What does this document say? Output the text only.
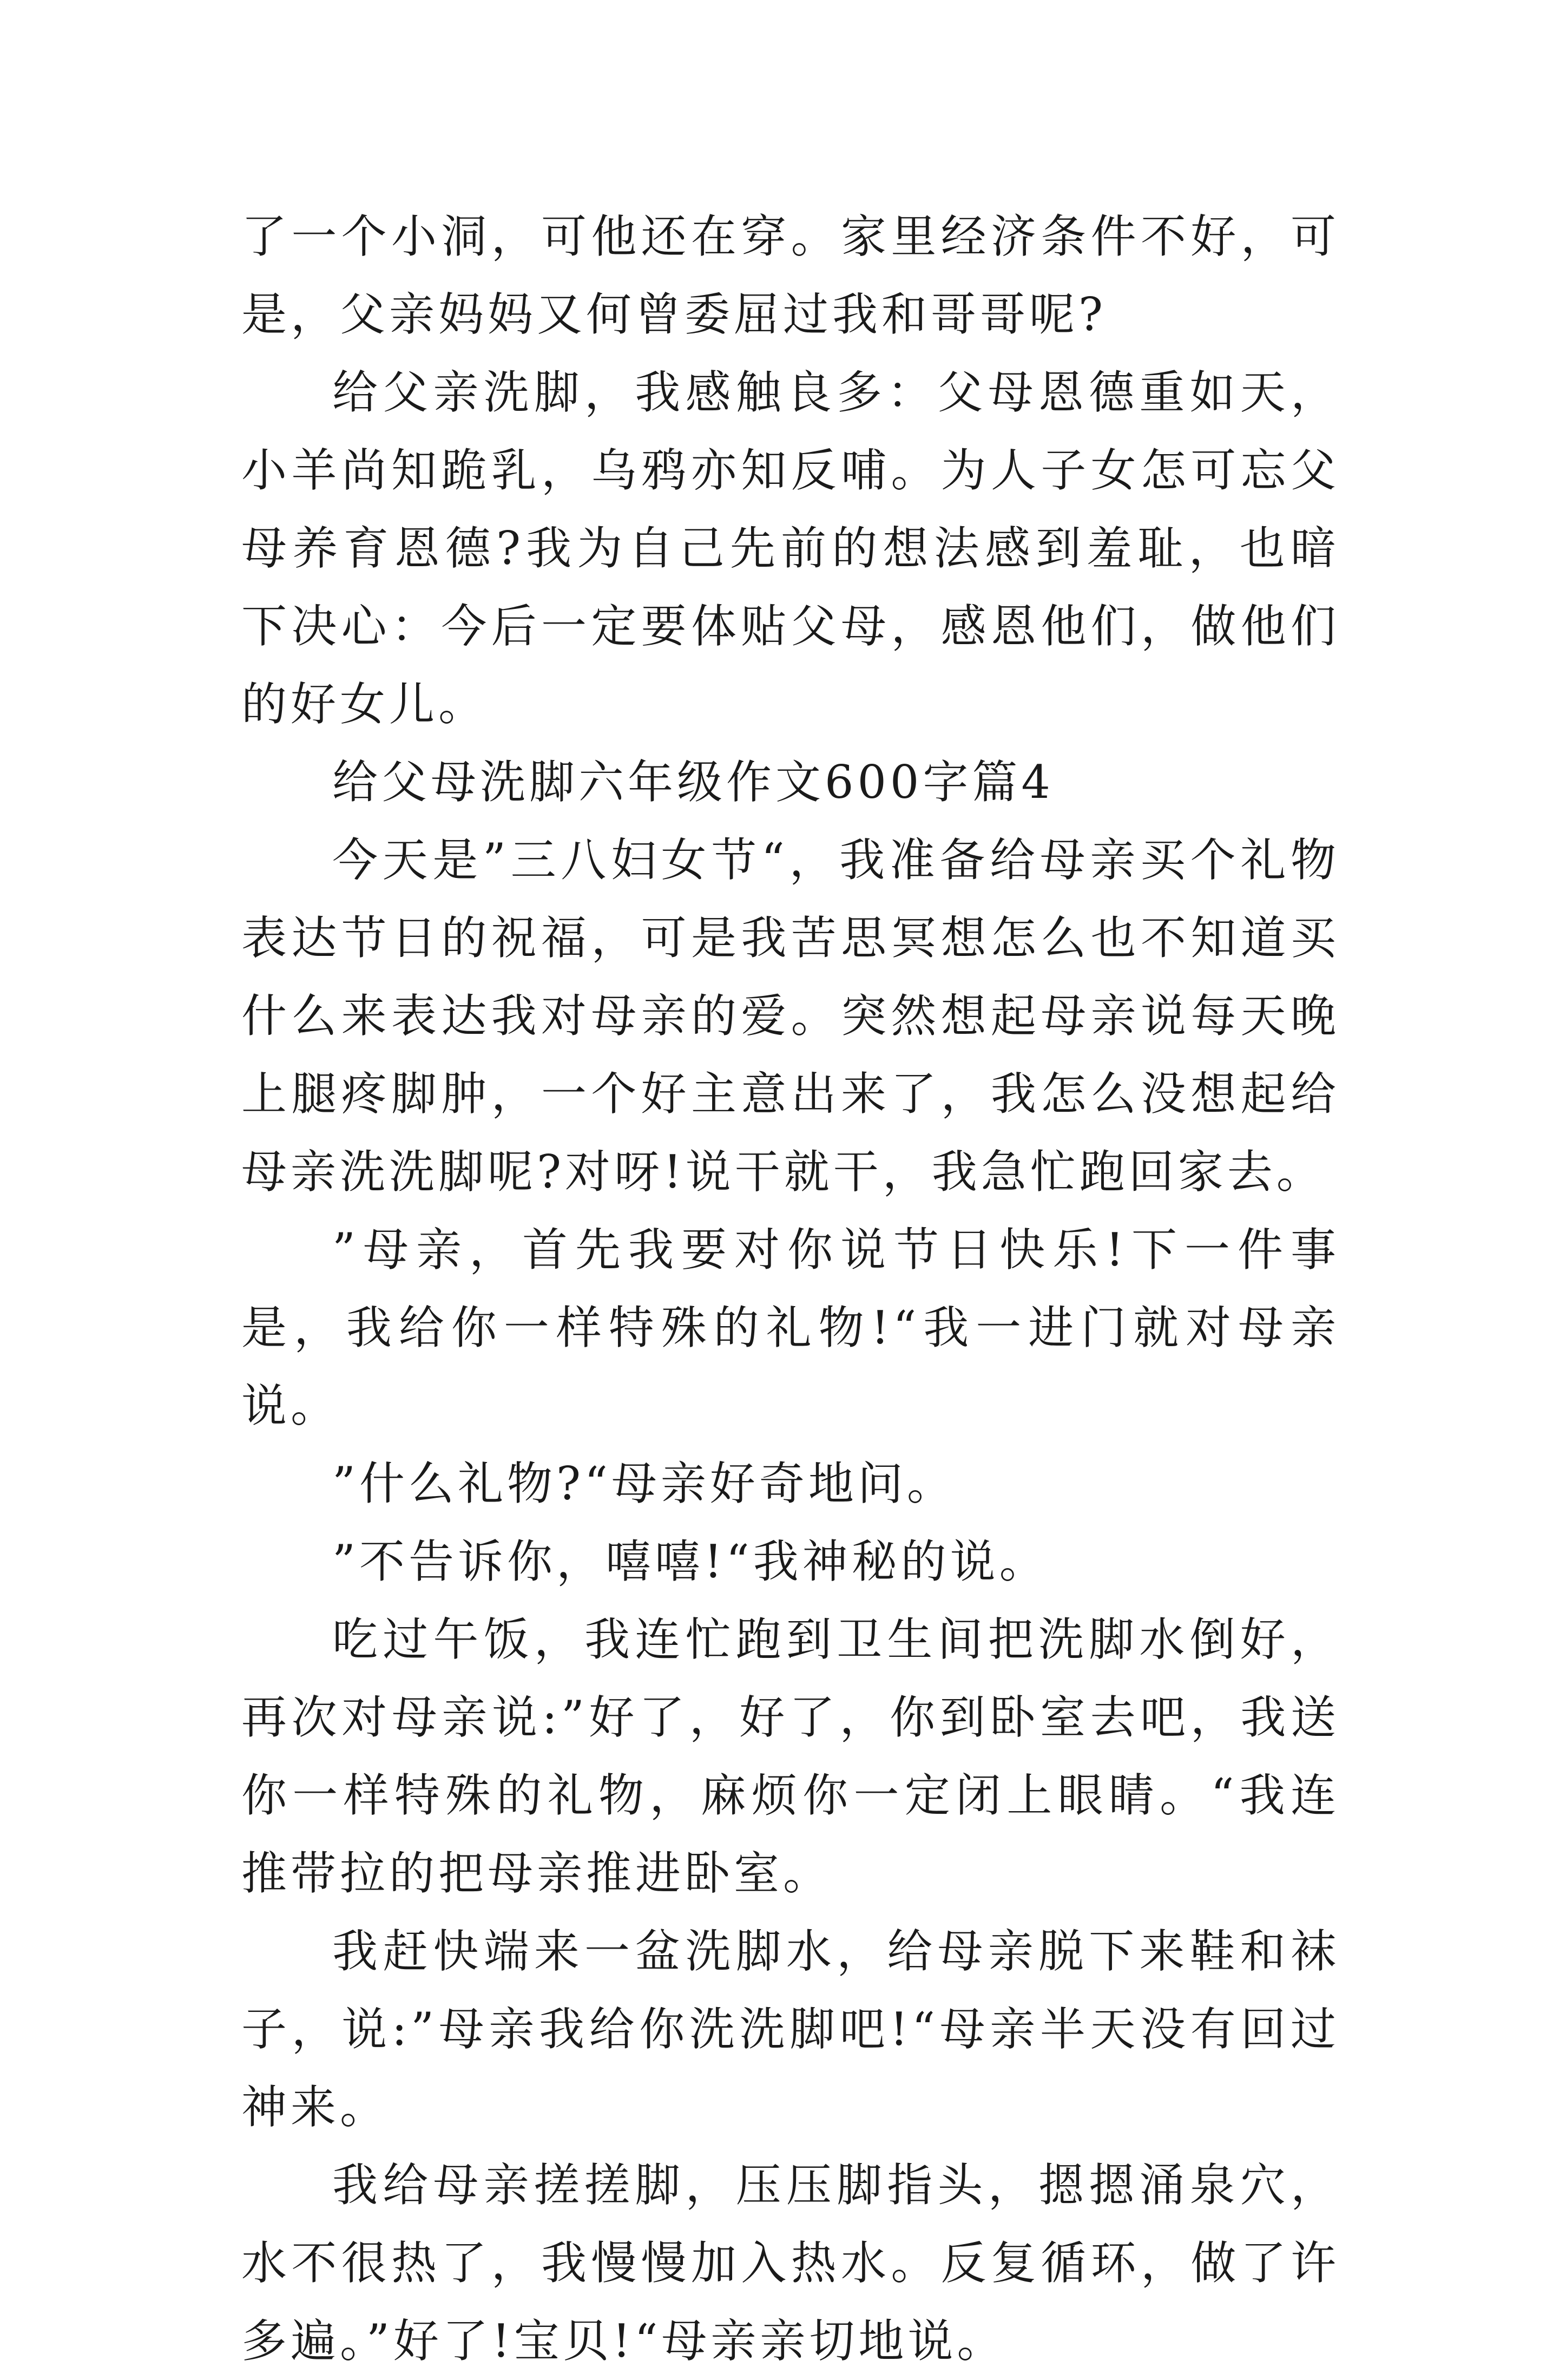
了一个小洞，可他还在穿。家里经济条件不好，可是，父亲妈妈又何曾委屈过我和哥哥呢?

给父亲洗脚，我感触良多：父母恩德重如天，小羊尚知跪乳，乌鸦亦知反哺。为人子女怎可忘父母养育恩德?我为自己先前的想法感到羞耻，也暗下决心：今后一定要体贴父母，感恩他们，做他们的好女儿。

给父母洗脚六年级作文600字篇4

今天是”三八妇女节“，我准备给母亲买个礼物表达节日的祝福，可是我苦思冥想怎么也不知道买什么来表达我对母亲的爱。突然想起母亲说每天晚上腿疼脚肿，一个好主意出来了，我怎么没想起给母亲洗洗脚呢?对呀!说干就干，我急忙跑回家去。

”母亲，首先我要对你说节日快乐!下一件事是，我给你一样特殊的礼物!“我一进门就对母亲说。

”什么礼物?“母亲好奇地问。

”不告诉你，嘻嘻!“我神秘的说。

吃过午饭，我连忙跑到卫生间把洗脚水倒好，再次对母亲说:”好了，好了，你到卧室去吧，我送你一样特殊的礼物，麻烦你一定闭上眼睛。“我连推带拉的把母亲推进卧室。

我赶快端来一盆洗脚水，给母亲脱下来鞋和袜子，说:”母亲我给你洗洗脚吧!“母亲半天没有回过神来。

我给母亲搓搓脚，压压脚指头，摁摁涌泉穴，水不很热了，我慢慢加入热水。反复循环，做了许多遍。”好了!宝贝!“母亲亲切地说。
